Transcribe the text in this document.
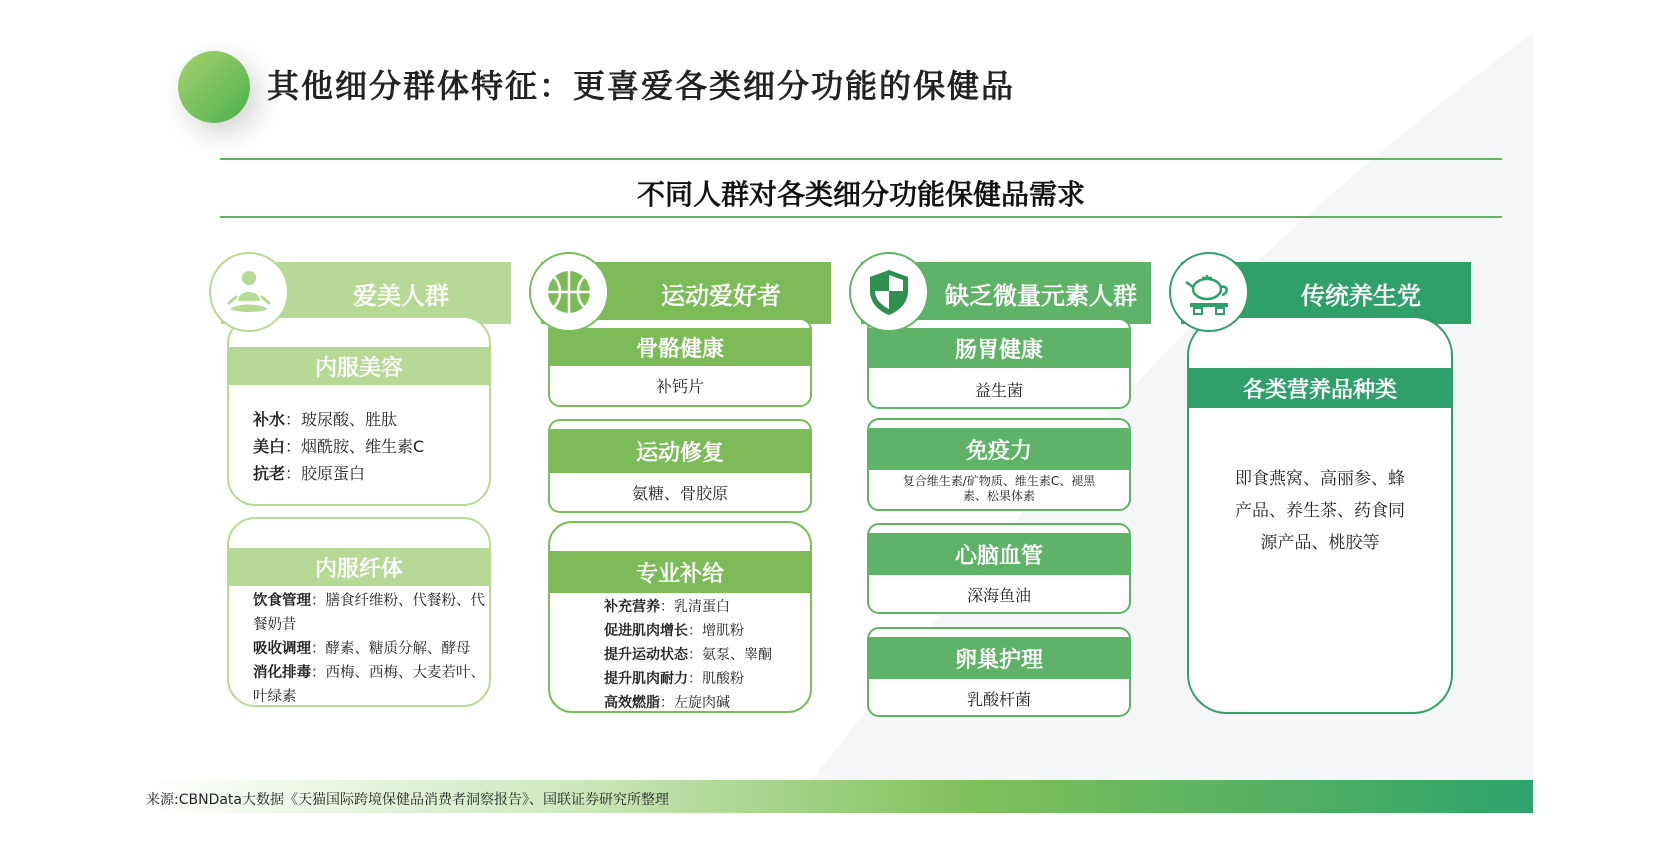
其他细分群体特征：更喜爱各类细分功能的保健品
不同人群对各类细分功能保健品需求
爱美人群	运动爱好者	缺乏微量元素人群	传统养生党
内服美容

补水：玻尿酸、胜肽

美白：烟酰胺、维生素C

抗老：胶原蛋白

内服纤体

饮食管理：膳食纤维粉、代餐粉、代

餐奶昔

吸收调理：酵素、糖质分解、酵母

消化排毒：西梅、西梅、大麦若叶、

叶绿素

骨骼健康
补钙片
运动修复
氨糖、骨胶原
专业补给

补充营养：乳清蛋白

促进肌肉增长：增肌粉

提升运动状态：氨泵、睾酮

提升肌肉耐力：肌酸粉

高效燃脂：左旋肉碱

肠胃健康
益生菌
免疫力
复合维生素/矿物质、维生素C、褪黑素、松果体素
心脑血管
深海鱼油
卵巢护理
乳酸杆菌
各类营养品种类

即食燕窝、高丽参、蜂

产品、养生茶、药食同

源产品、桃胶等

来源:CBNData大数据《天猫国际跨境保健品消费者洞察报告》、国联证券研究所整理
